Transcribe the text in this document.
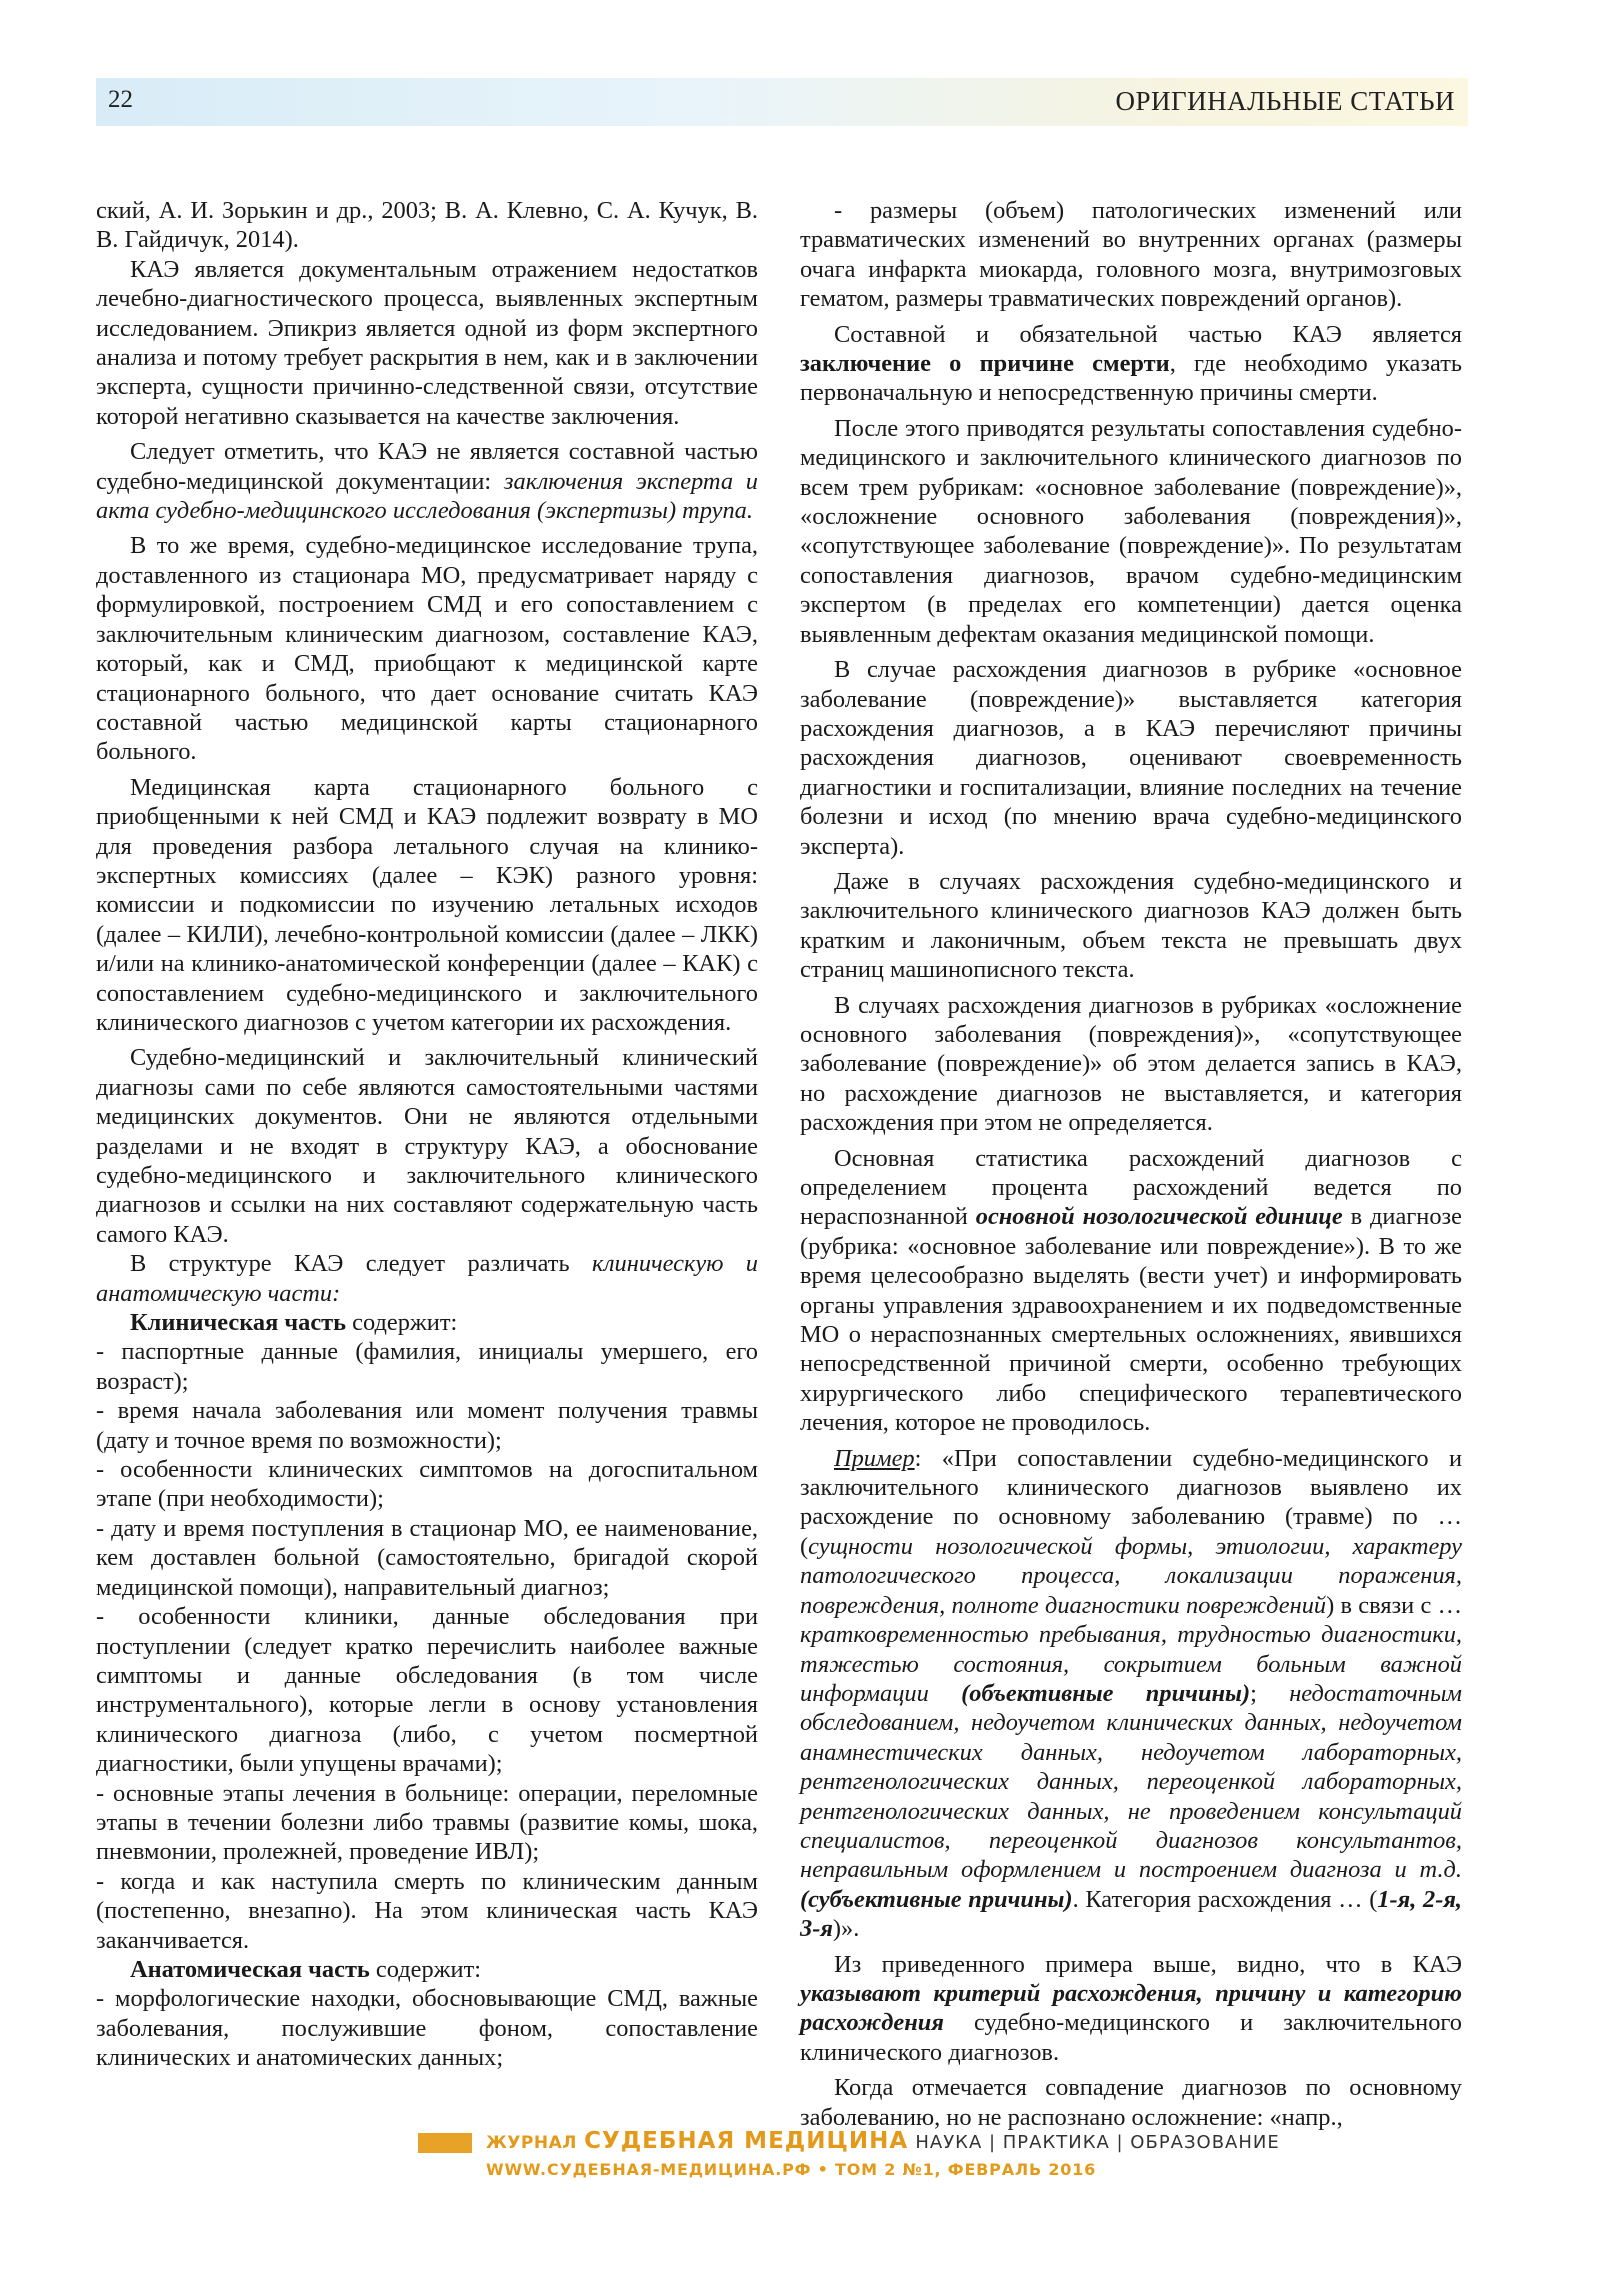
22	ОРИГИНАЛЬНЫЕ СТАТЬИ

ский, А. И. Зорькин и др., 2003; В. А. Клевно, С. А. Кучук, В. В. Гайдичук, 2014).

КАЭ является документальным отражением недостатков лечебно-диагностического процесса, выявленных экспертным исследованием. Эпикриз является одной из форм экспертного анализа и потому требует раскрытия в нем, как и в заключении эксперта, сущности причинно-следственной связи, отсутствие которой негативно сказывается на качестве заключения.

Следует отметить, что КАЭ не является составной частью судебно-медицинской документации: заключения эксперта и акта судебно-медицинского исследования (экспертизы) трупа.

В то же время, судебно-медицинское исследование трупа, доставленного из стационара МО, предусматривает наряду с формулировкой, построением СМД и его сопоставлением с заключительным клиническим диагнозом, составление КАЭ, который, как и СМД, приобщают к медицинской карте стационарного больного, что дает основание считать КАЭ составной частью медицинской карты стационарного больного.

Медицинская карта стационарного больного с приобщенными к ней СМД и КАЭ подлежит возврату в МО для проведения разбора летального случая на клинико-экспертных комиссиях (далее – КЭК) разного уровня: комиссии и подкомиссии по изучению летальных исходов (далее – КИЛИ), лечебно-контрольной комиссии (далее – ЛКК) и/или на клинико-анатомической конференции (далее – КАК) с сопоставлением судебно-медицинского и заключительного клинического диагнозов с учетом категории их расхождения.

Судебно-медицинский и заключительный клинический диагнозы сами по себе являются самостоятельными частями медицинских документов. Они не являются отдельными разделами и не входят в структуру КАЭ, а обоснование судебно-медицинского и заключительного клинического диагнозов и ссылки на них составляют содержательную часть самого КАЭ.

В структуре КАЭ следует различать клиническую и анатомическую части:

Клиническая часть содержит:

- паспортные данные (фамилия, инициалы умершего, его возраст);

- время начала заболевания или момент получения травмы (дату и точное время по возможности);

- особенности клинических симптомов на догоспитальном этапе (при необходимости);

- дату и время поступления в стационар МО, ее наименование, кем доставлен больной (самостоятельно, бригадой скорой медицинской помощи), направительный диагноз;

- особенности клиники, данные обследования при поступлении (следует кратко перечислить наиболее важные симптомы и данные обследования (в том числе инструментального), которые легли в основу установления клинического диагноза (либо, с учетом посмертной диагностики, были упущены врачами);

- основные этапы лечения в больнице: операции, переломные этапы в течении болезни либо травмы (развитие комы, шока, пневмонии, пролежней, проведение ИВЛ);

- когда и как наступила смерть по клиническим данным (постепенно, внезапно). На этом клиническая часть КАЭ заканчивается.

Анатомическая часть содержит:

- морфологические находки, обосновывающие СМД, важные заболевания, послужившие фоном, сопоставление клинических и анатомических данных;

- размеры (объем) патологических изменений или травматических изменений во внутренних органах (размеры очага инфаркта миокарда, головного мозга, внутримозговых гематом, размеры травматических повреждений органов).

Составной и обязательной частью КАЭ является заключение о причине смерти, где необходимо указать первоначальную и непосредственную причины смерти.

После этого приводятся результаты сопоставления судебно-медицинского и заключительного клинического диагнозов по всем трем рубрикам: «основное заболевание (повреждение)», «осложнение основного заболевания (повреждения)», «сопутствующее заболевание (повреждение)». По результатам сопоставления диагнозов, врачом судебно-медицинским экспертом (в пределах его компетенции) дается оценка выявленным дефектам оказания медицинской помощи.

В случае расхождения диагнозов в рубрике «основное заболевание (повреждение)» выставляется категория расхождения диагнозов, а в КАЭ перечисляют причины расхождения диагнозов, оценивают своевременность диагностики и госпитализации, влияние последних на течение болезни и исход (по мнению врача судебно-медицинского эксперта).

Даже в случаях расхождения судебно-медицинского и заключительного клинического диагнозов КАЭ должен быть кратким и лаконичным, объем текста не превышать двух страниц машинописного текста.

В случаях расхождения диагнозов в рубриках «осложнение основного заболевания (повреждения)», «сопутствующее заболевание (повреждение)» об этом делается запись в КАЭ, но расхождение диагнозов не выставляется, и категория расхождения при этом не определяется.

Основная статистика расхождений диагнозов с определением процента расхождений ведется по нераспознанной основной нозологической единице в диагнозе (рубрика: «основное заболевание или повреждение»). В то же время целесообразно выделять (вести учет) и информировать органы управления здравоохранением и их подведомственные МО о нераспознанных смертельных осложнениях, явившихся непосредственной причиной смерти, особенно требующих хирургического либо специфического терапевтического лечения, которое не проводилось.

Пример: «При сопоставлении судебно-медицинского и заключительного клинического диагнозов выявлено их расхождение по основному заболеванию (травме) по … (сущности нозологической формы, этиологии, характеру патологического процесса, локализации поражения, повреждения, полноте диагностики повреждений) в связи с … кратковременностью пребывания, трудностью диагностики, тяжестью состояния, сокрытием больным важной информации (объективные причины); недостаточным обследованием, недоучетом клинических данных, недоучетом анамнестических данных, недоучетом лабораторных, рентгенологических данных, переоценкой лабораторных, рентгенологических данных, не проведением консультаций специалистов, переоценкой диагнозов консультантов, неправильным оформлением и построением диагноза и т.д. (субъективные причины). Категория расхождения … (1-я, 2-я, 3-я)».

Из приведенного примера выше, видно, что в КАЭ указывают критерий расхождения, причину и категорию расхождения судебно-медицинского и заключительного клинического диагнозов.

Когда отмечается совпадение диагнозов по основному заболеванию, но не распознано осложнение: «напр.,

ЖУРНАЛ СУДЕБНАЯ МЕДИЦИНА НАУКА | ПРАКТИКА | ОБРАЗОВАНИЕ
WWW.СУДЕБНАЯ-МЕДИЦИНА.РФ • ТОМ 2 №1, ФЕВРАЛЬ 2016
